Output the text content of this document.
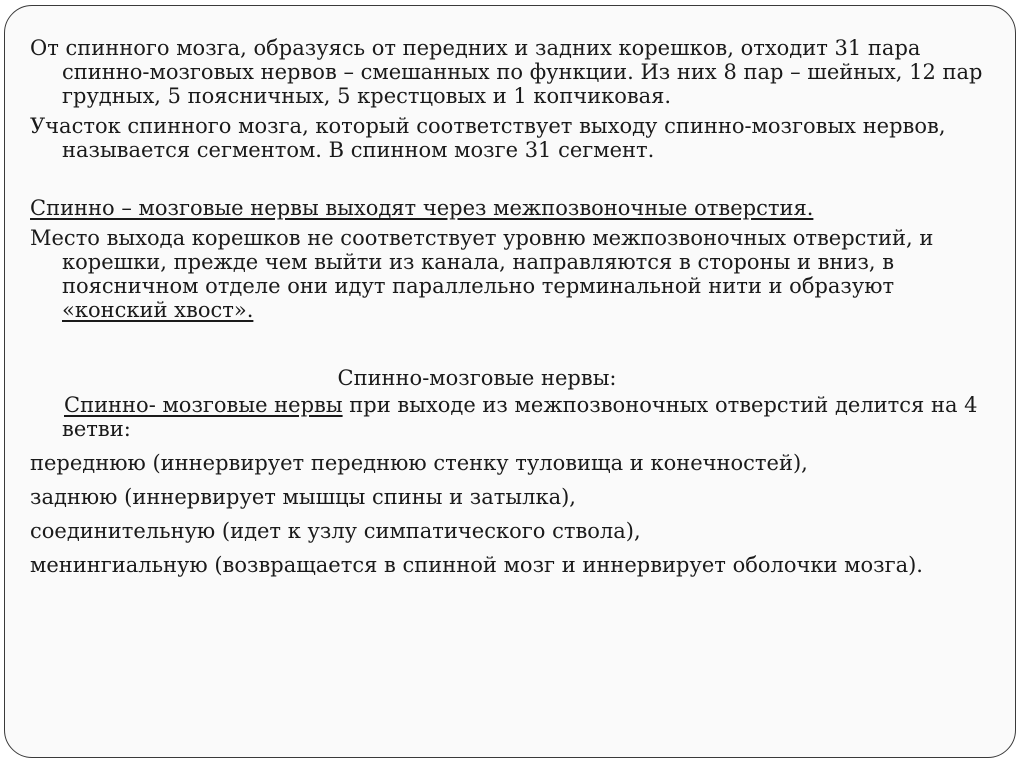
От спинного мозга, образуясь от передних и задних корешков, отходит 31 пара спинно-мозговых нервов – смешанных по функции. Из них 8 пар – шейных, 12 пар грудных, 5 поясничных, 5 крестцовых и 1 копчиковая.

Участок спинного мозга, который соответствует выходу спинно-мозговых нервов, называется сегментом. В спинном мозге 31 сегмент.

Спинно – мозговые нервы выходят через межпозвоночные отверстия.

Место выхода корешков не соответствует уровню межпозвоночных отверстий, и корешки, прежде чем выйти из канала, направляются в стороны и вниз, в поясничном отделе они идут параллельно терминальной нити и образуют «конский хвост».

Спинно-мозговые нервы:

Спинно- мозговые нервы при выходе из межпозвоночных отверстий делится на 4 ветви:

переднюю (иннервирует переднюю стенку туловища и конечностей),

заднюю (иннервирует мышцы спины и затылка),

соединительную (идет к узлу симпатического ствола),

менингиальную (возвращается в спинной мозг и иннервирует оболочки мозга).
